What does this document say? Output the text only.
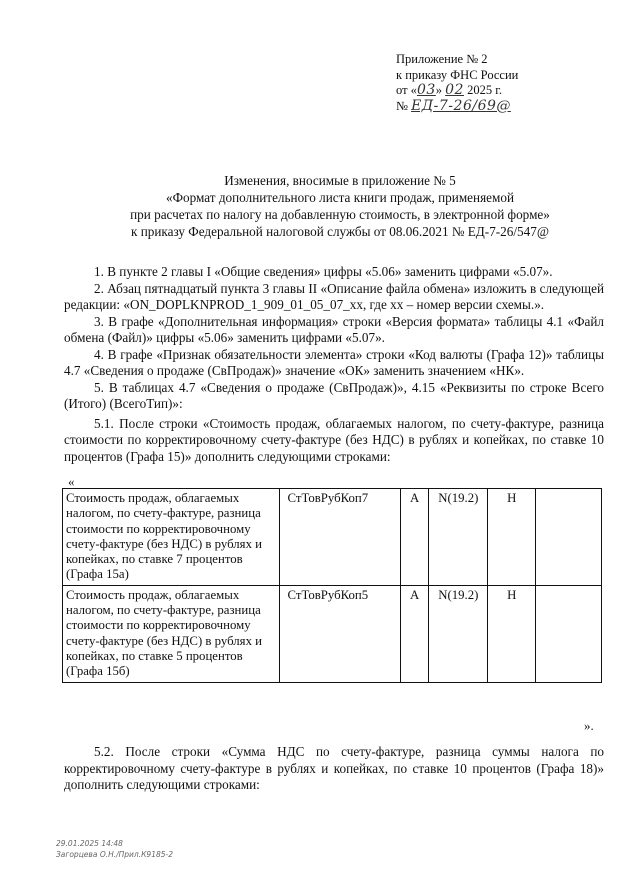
Приложение № 2
к приказу ФНС России
от «03» 02 2025 г.
№ ЕД-7-26/69@
Изменения, вносимые в приложение № 5
«Формат дополнительного листа книги продаж, применяемой
при расчетах по налогу на добавленную стоимость, в электронной форме»
к приказу Федеральной налоговой службы от 08.06.2021 № ЕД-7-26/547@

1. В пункте 2 главы I «Общие сведения» цифры «5.06» заменить цифрами «5.07».

2. Абзац пятнадцатый пункта 3 главы II «Описание файла обмена» изложить в следующей редакции: «ON_DOPLKNPROD_1_909_01_05_07_xx, где xx – номер версии схемы.».

3. В графе «Дополнительная информация» строки «Версия формата» таблицы 4.1 «Файл обмена (Файл)» цифры «5.06» заменить цифрами «5.07».

4. В графе «Признак обязательности элемента» строки «Код валюты (Графа 12)» таблицы 4.7 «Сведения о продаже (СвПродаж)» значение «ОК» заменить значением «НК».

5. В таблицах 4.7 «Сведения о продаже (СвПродаж)», 4.15 «Реквизиты по строке Всего (Итого) (ВсегоТип)»:

5.1. После строки «Стоимость продаж, облагаемых налогом, по счету-фактуре, разница стоимости по корректировочному счету-фактуре (без НДС) в рублях и копейках, по ставке 10 процентов (Графа 15)» дополнить следующими строками:

«
Стоимость продаж, облагаемых налогом, по счету-фактуре, разница стоимости по корректировочному счету-фактуре (без НДС) в рублях и копейках, по ставке 7 процентов (Графа 15а)	СтТовРубКоп7	А	N(19.2)	Н	
Стоимость продаж, облагаемых налогом, по счету-фактуре, разница стоимости по корректировочному счету-фактуре (без НДС) в рублях и копейках, по ставке 5 процентов (Графа 15б)	СтТовРубКоп5	А	N(19.2)	Н	
».

5.2. После строки «Сумма НДС по счету-фактуре, разница суммы налога по корректировочному счету-фактуре в рублях и копейках, по ставке 10 процентов (Графа 18)» дополнить следующими строками:

29.01.2025 14:48
Загорцева О.Н./Прил.К9185-2
